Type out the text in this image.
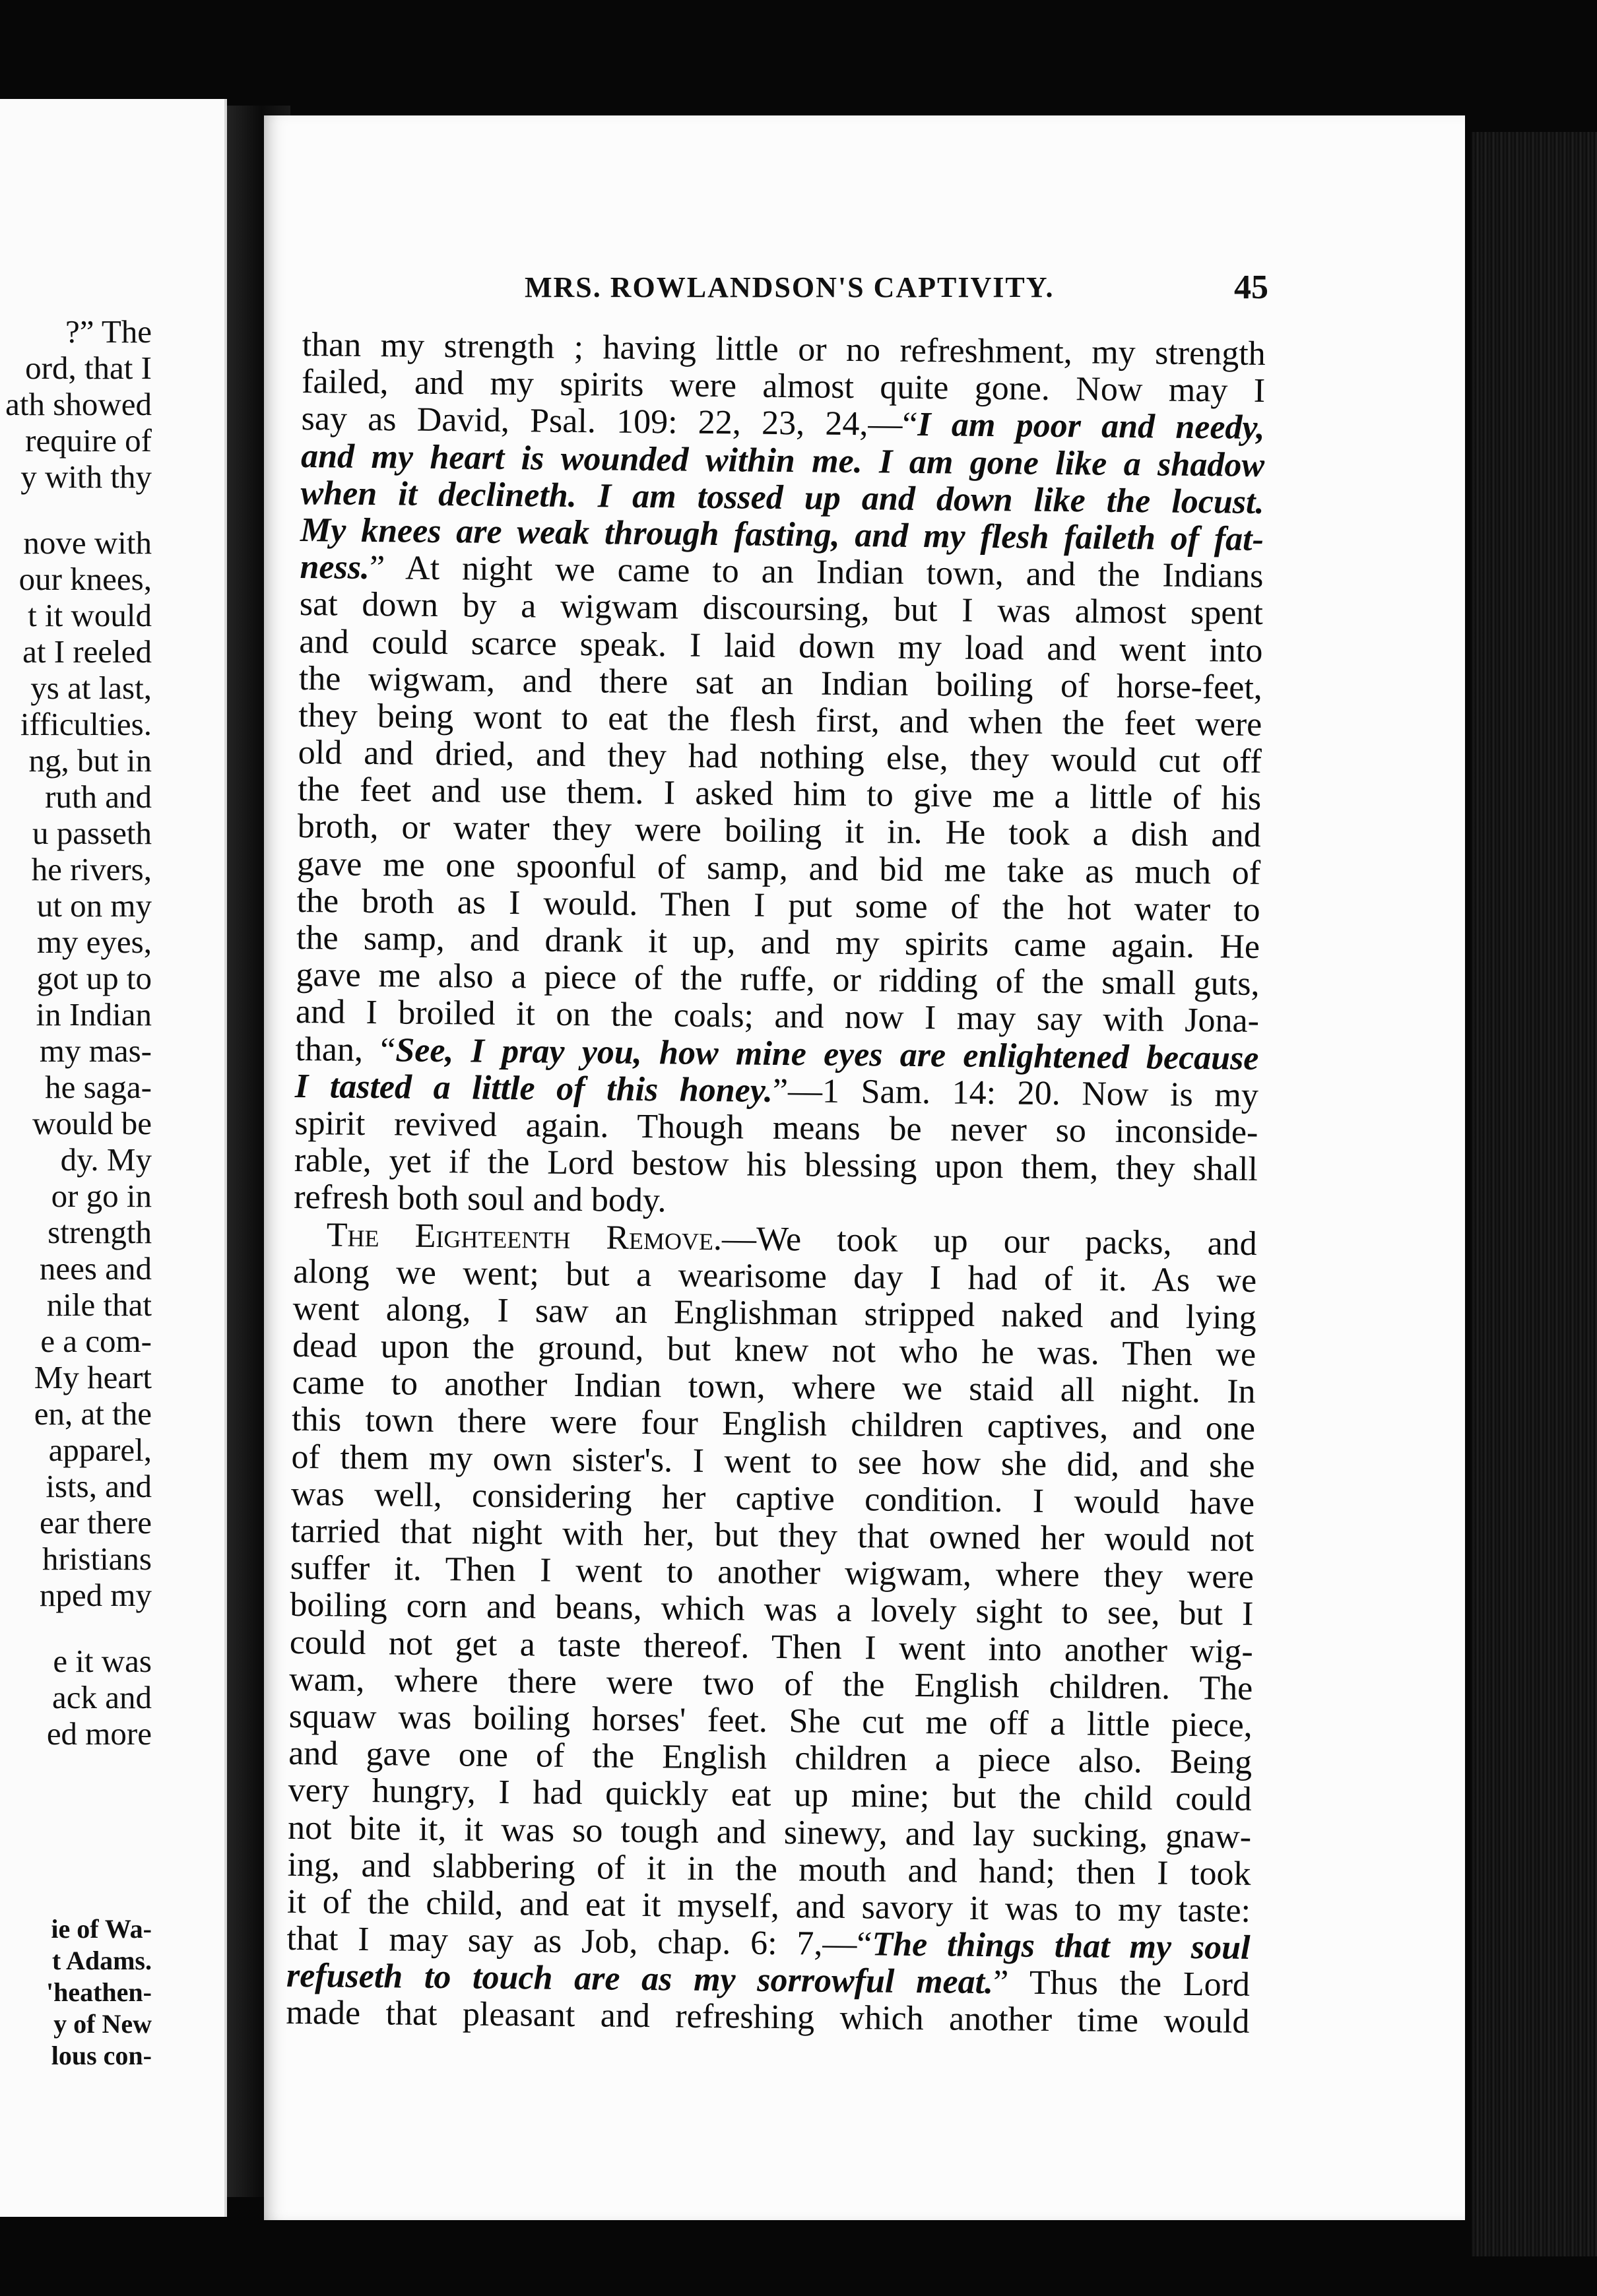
?” The
ord, that I
ath showed
require of
y with thy
nove with
our knees,
t it would
at I reeled
ys at last,
ifficulties.
ng, but in
ruth and
u passeth
he rivers,
ut on my
my eyes,
got up to
in Indian
my mas-
he saga-
would be
dy. My
or go in
strength
nees and
nile that
e a com-
My heart
en, at the
apparel,
ists, and
ear there
hristians
nped my
e it was
ack and
ed more
ie of Wa-
t Adams.
'heathen-
y of New
lous con-
MRS. ROWLANDSON'S CAPTIVITY.	45
than my strength ; having little or no refreshment, my strength
failed, and my spirits were almost quite gone. Now may I
say as David, Psal. 109: 22, 23, 24,—“I am poor and needy,
and my heart is wounded within me. I am gone like a shadow
when it declineth. I am tossed up and down like the locust.
My knees are weak through fasting, and my flesh faileth of fat-
ness.” At night we came to an Indian town, and the Indians
sat down by a wigwam discoursing, but I was almost spent
and could scarce speak. I laid down my load and went into
the wigwam, and there sat an Indian boiling of horse-feet,
they being wont to eat the flesh first, and when the feet were
old and dried, and they had nothing else, they would cut off
the feet and use them. I asked him to give me a little of his
broth, or water they were boiling it in. He took a dish and
gave me one spoonful of samp, and bid me take as much of
the broth as I would. Then I put some of the hot water to
the samp, and drank it up, and my spirits came again. He
gave me also a piece of the ruffe, or ridding of the small guts,
and I broiled it on the coals; and now I may say with Jona-
than, “See, I pray you, how mine eyes are enlightened because
I tasted a little of this honey.”—1 Sam. 14: 20. Now is my
spirit revived again. Though means be never so inconside-
rable, yet if the Lord bestow his blessing upon them, they shall
refresh both soul and body.
The Eighteenth Remove.—We took up our packs, and
along we went; but a wearisome day I had of it. As we
went along, I saw an Englishman stripped naked and lying
dead upon the ground, but knew not who he was. Then we
came to another Indian town, where we staid all night. In
this town there were four English children captives, and one
of them my own sister's. I went to see how she did, and she
was well, considering her captive condition. I would have
tarried that night with her, but they that owned her would not
suffer it. Then I went to another wigwam, where they were
boiling corn and beans, which was a lovely sight to see, but I
could not get a taste thereof. Then I went into another wig-
wam, where there were two of the English children. The
squaw was boiling horses' feet. She cut me off a little piece,
and gave one of the English children a piece also. Being
very hungry, I had quickly eat up mine; but the child could
not bite it, it was so tough and sinewy, and lay sucking, gnaw-
ing, and slabbering of it in the mouth and hand; then I took
it of the child, and eat it myself, and savory it was to my taste:
that I may say as Job, chap. 6: 7,—“The things that my soul
refuseth to touch are as my sorrowful meat.” Thus the Lord
made that pleasant and refreshing which another time would
